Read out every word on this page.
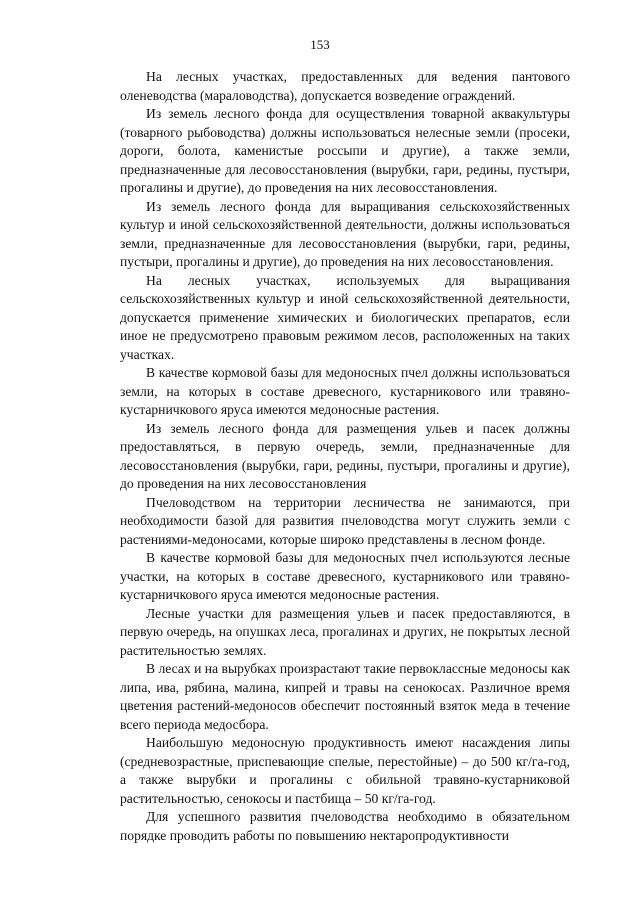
153

На лесных участках, предоставленных для ведения пантового оленеводства (мараловодства), допускается возведение ограждений.

Из земель лесного фонда для осуществления товарной аквакультуры (товарного рыбоводства) должны использоваться нелесные земли (просеки, дороги, болота, каменистые россыпи и другие), а также земли, предназначенные для лесовосстановления (вырубки, гари, редины, пустыри, прогалины и другие), до проведения на них лесовосстановления.

Из земель лесного фонда для выращивания сельскохозяйственных культур и иной сельскохозяйственной деятельности, должны использоваться земли, предназначенные для лесовосстановления (вырубки, гари, редины, пустыри, прогалины и другие), до проведения на них лесовосстановления.

На лесных участках, используемых для выращивания сельскохозяйственных культур и иной сельскохозяйственной деятельности, допускается применение химических и биологических препаратов, если иное не предусмотрено правовым режимом лесов, расположенных на таких участках.

В качестве кормовой базы для медоносных пчел должны использоваться земли, на которых в составе древесного, кустарникового или травяно-кустарничкового яруса имеются медоносные растения.

Из земель лесного фонда для размещения ульев и пасек должны предоставляться, в первую очередь, земли, предназначенные для лесовосстановления (вырубки, гари, редины, пустыри, прогалины и другие), до проведения на них лесовосстановления

Пчеловодством на территории лесничества не занимаются, при необходимости базой для развития пчеловодства могут служить земли с растениями-медоносами, которые широко представлены в лесном фонде.

В качестве кормовой базы для медоносных пчел используются лесные участки, на которых в составе древесного, кустарникового или травяно-кустарничкового яруса имеются медоносные растения.

Лесные участки для размещения ульев и пасек предоставляются, в первую очередь, на опушках леса, прогалинах и других, не покрытых лесной растительностью землях.

В лесах и на вырубках произрастают такие первоклассные медоносы как липа, ива, рябина, малина, кипрей и травы на сенокосах. Различное время цветения растений-медоносов обеспечит постоянный взяток меда в течение всего периода медосбора.

Наибольшую медоносную продуктивность имеют насаждения липы (средневозрастные, приспевающие спелые, перестойные) – до 500 кг/га-год, а также вырубки и прогалины с обильной травяно-кустарниковой растительностью, сенокосы и пастбища – 50 кг/га-год.

Для успешного развития пчеловодства необходимо в обязательном порядке проводить работы по повышению нектаропродуктивности
